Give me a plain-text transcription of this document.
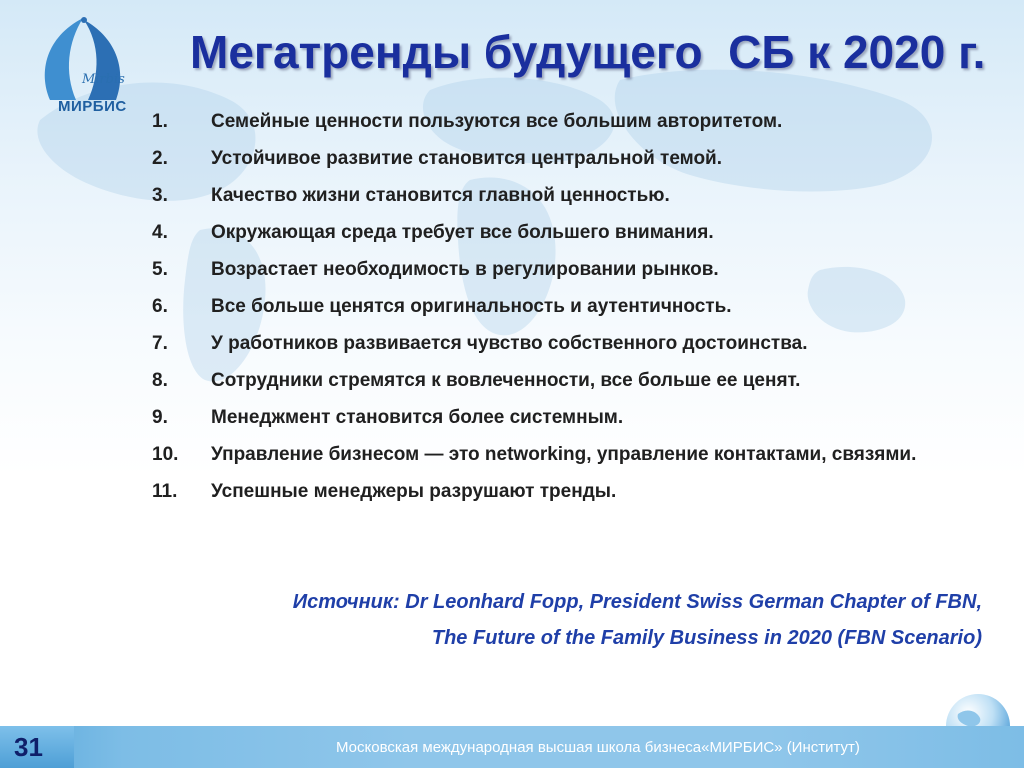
Mirbis
МИРБИС
Мегатренды будущего  СБ к 2020 г.
1.	Семейные ценности пользуются все большим авторитетом.
2.	Устойчивое развитие становится центральной темой.
3.	Качество жизни становится главной ценностью.
4.	Окружающая среда требует все большего внимания.
5.	Возрастает необходимость в регулировании рынков.
6.	Все больше ценятся оригинальность и аутентичность.
7.	У работников развивается чувство собственного достоинства.
8.	Сотрудники стремятся к вовлеченности, все больше ее ценят.
9.	Менеджмент становится более системным.
10.	Управление бизнесом — это networking, управление контактами, связями.
11.	Успешные менеджеры разрушают тренды.
Источник: Dr Leonhard Fopp, President Swiss German Chapter of FBN,
The Future of the Family Business in 2020 (FBN Scenario)
31	Московская международная высшая школа бизнеса«МИРБИС» (Институт)
